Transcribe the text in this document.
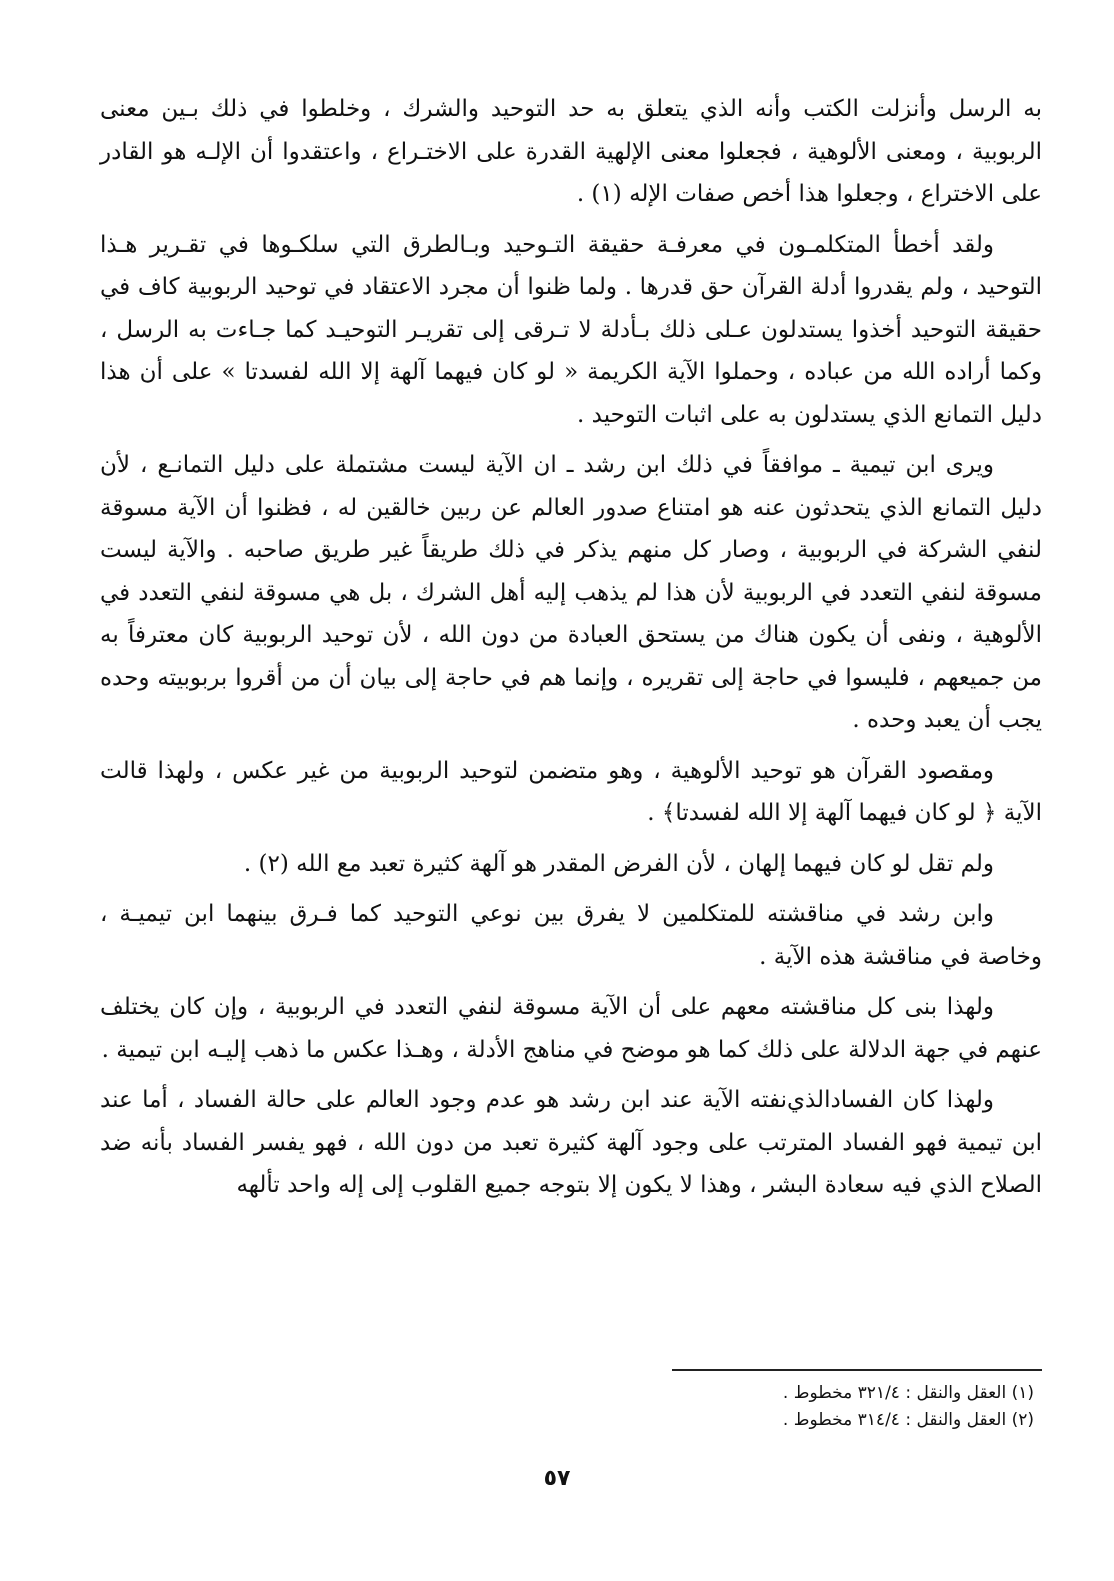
به الرسل وأنزلت الكتب وأنه الذي يتعلق به حد التوحيد والشرك ، وخلطوا في ذلك بـين معنى الربوبية ، ومعنى الألوهية ، فجعلوا معنى الإلهية القدرة على الاختـراع ، واعتقدوا أن الإلـه هو القادر على الاختراع ، وجعلوا هذا أخص صفات الإله (١) .

ولقد أخطأ المتكلمـون في معرفـة حقيقة التـوحيد وبـالطرق التي سلكـوها في تقـرير هـذا التوحيد ، ولم يقدروا أدلة القرآن حق قدرها . ولما ظنوا أن مجرد الاعتقاد في توحيد الربوبية كاف في حقيقة التوحيد أخذوا يستدلون عـلى ذلك بـأدلة لا تـرقى إلى تقريـر التوحيـد كما جـاءت به الرسل ، وكما أراده الله من عباده ، وحملوا الآية الكريمة « لو كان فيهما آلهة إلا الله لفسدتا » على أن هذا دليل التمانع الذي يستدلون به على اثبات التوحيد .

ويرى ابن تيمية ـ موافقاً في ذلك ابن رشد ـ ان الآية ليست مشتملة على دليل التمانـع ، لأن دليل التمانع الذي يتحدثون عنه هو امتناع صدور العالم عن ربين خالقين له ، فظنوا أن الآية مسوقة لنفي الشركة في الربوبية ، وصار كل منهم يذكر في ذلك طريقاً غير طريق صاحبه . والآية ليست مسوقة لنفي التعدد في الربوبية لأن هذا لم يذهب إليه أهل الشرك ، بل هي مسوقة لنفي التعدد في الألوهية ، ونفى أن يكون هناك من يستحق العبادة من دون الله ، لأن توحيد الربوبية كان معترفاً به من جميعهم ، فليسوا في حاجة إلى تقريره ، وإنما هم في حاجة إلى بيان أن من أقروا بربوبيته وحده يجب أن يعبد وحده .

ومقصود القرآن هو توحيد الألوهية ، وهو متضمن لتوحيد الربوبية من غير عكس ، ولهذا قالت الآية ﴿ لو كان فيهما آلهة إلا الله لفسدتا﴾ .

ولم تقل لو كان فيهما إلهان ، لأن الفرض المقدر هو آلهة كثيرة تعبد مع الله (٢) .

وابن رشد في مناقشته للمتكلمين لا يفرق بين نوعي التوحيد كما فـرق بينهما ابن تيميـة ، وخاصة في مناقشة هذه الآية .

ولهذا بنى كل مناقشته معهم على أن الآية مسوقة لنفي التعدد في الربوبية ، وإن كان يختلف عنهم في جهة الدلالة على ذلك كما هو موضح في مناهج الأدلة ، وهـذا عكس ما ذهب إليـه ابن تيمية .

ولهذا كان الفسادالذي‌نفته الآية عند ابن رشد هو عدم وجود العالم على حالة الفساد ، أما عند ابن تيمية فهو الفساد المترتب على وجود آلهة كثيرة تعبد من دون الله ، فهو يفسر الفساد بأنه ضد الصلاح الذي فيه سعادة البشر ، وهذا لا يكون إلا بتوجه جميع القلوب إلى إله واحد تألهه

(١) العقل والنقل : ٣٢١/٤ مخطوط .

(٢) العقل والنقل : ٣١٤/٤ مخطوط .

٥٧
